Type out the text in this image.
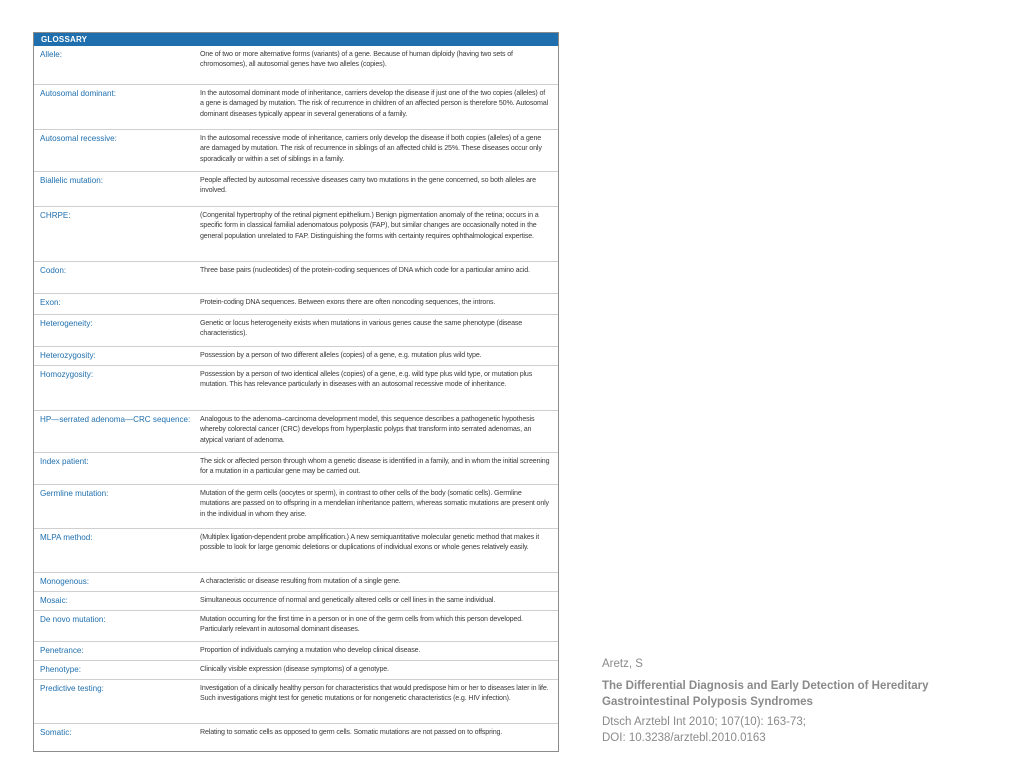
GLOSSARY
Allele:	One of two or more alternative forms (variants) of a gene. Because of human diploidy (having two sets of chromosomes), all autosomal genes have two alleles (copies).
Autosomal dominant:	In the autosomal dominant mode of inheritance, carriers develop the disease if just one of the two copies (alleles) of a gene is damaged by mutation. The risk of recurrence in children of an affected person is therefore 50%. Autosomal dominant diseases typically appear in several generations of a family.
Autosomal recessive:	In the autosomal recessive mode of inheritance, carriers only develop the disease if both copies (alleles) of a gene are damaged by mutation. The risk of recurrence in siblings of an affected child is 25%. These diseases occur only sporadically or within a set of siblings in a family.
Biallelic mutation:	People affected by autosomal recessive diseases carry two mutations in the gene concerned, so both alleles are involved.
CHRPE:	(Congenital hypertrophy of the retinal pigment epithelium.) Benign pigmentation anomaly of the retina; occurs in a specific form in classical familial adenomatous polyposis (FAP), but similar changes are occasionally noted in the general population unrelated to FAP. Distinguishing the forms with certainty requires ophthalmological expertise.
Codon:	Three base pairs (nucleotides) of the protein-coding sequences of DNA which code for a particular amino acid.
Exon:	Protein-coding DNA sequences. Between exons there are often noncoding sequences, the introns.
Heterogeneity:	Genetic or locus heterogeneity exists when mutations in various genes cause the same phenotype (disease characteristics).
Heterozygosity:	Possession by a person of two different alleles (copies) of a gene, e.g. mutation plus wild type.
Homozygosity:	Possession by a person of two identical alleles (copies) of a gene, e.g. wild type plus wild type, or mutation plus mutation. This has relevance particularly in diseases with an autosomal recessive mode of inheritance.
HP—serrated adenoma—CRC sequence:	Analogous to the adenoma–carcinoma development model, this sequence describes a pathogenetic hypothesis whereby colorectal cancer (CRC) develops from hyperplastic polyps that transform into serrated adenomas, an atypical variant of adenoma.
Index patient:	The sick or affected person through whom a genetic disease is identified in a family, and in whom the initial screening for a mutation in a particular gene may be carried out.
Germline mutation:	Mutation of the germ cells (oocytes or sperm), in contrast to other cells of the body (somatic cells). Germline mutations are passed on to offspring in a mendelian inheritance pattern, whereas somatic mutations are present only in the individual in whom they arise.
MLPA method:	(Multiplex ligation-dependent probe amplification.) A new semiquantitative molecular genetic method that makes it possible to look for large genomic deletions or duplications of individual exons or whole genes relatively easily.
Monogenous:	A characteristic or disease resulting from mutation of a single gene.
Mosaic:	Simultaneous occurrence of normal and genetically altered cells or cell lines in the same individual.
De novo mutation:	Mutation occurring for the first time in a person or in one of the germ cells from which this person developed. Particularly relevant in autosomal dominant diseases.
Penetrance:	Proportion of individuals carrying a mutation who develop clinical disease.
Phenotype:	Clinically visible expression (disease symptoms) of a genotype.
Predictive testing:	Investigation of a clinically healthy person for characteristics that would predispose him or her to diseases later in life. Such investigations might test for genetic mutations or for nongenetic characteristics (e.g. HIV infection).
Somatic:	Relating to somatic cells as opposed to germ cells. Somatic mutations are not passed on to offspring.

Aretz, S

The Differential Diagnosis and Early Detection of Hereditary Gastrointestinal Polyposis Syndromes

Dtsch Arztebl Int 2010; 107(10): 163-73;

DOI: 10.3238/arztebl.2010.0163
